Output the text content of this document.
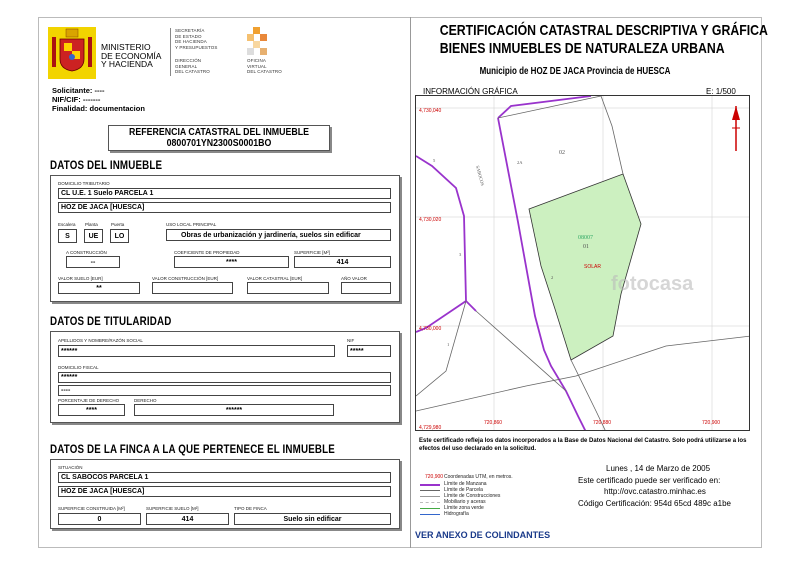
MINISTERIO
DE ECONOMÍA
Y HACIENDA
SECRETARÍA
DE ESTADO
DE HACIENDA
Y PRESUPUESTOS
DIRECCIÓN
GENERAL
DEL CATASTRO
OFICINA
VIRTUAL
DEL CATASTRO
CERTIFICACIÓN CATASTRAL DESCRIPTIVA Y GRÁFICA
BIENES INMUEBLES DE NATURALEZA URBANA
Municipio de HOZ DE JACA Provincia de HUESCA
Solicitante: ----
NIF/CIF: -------
Finalidad: documentacion
REFERENCIA CATASTRAL DEL INMUEBLE
0800701YN2300S0001BO
DATOS DEL INMUEBLE
DOMICILIO TRIBUTARIO
CL U.E. 1 Suelo PARCELA 1
HOZ DE JACA [HUESCA]
Escalera Planta	Puerta
S	UE	LO
USO LOCAL PRINCIPAL
Obras de urbanización y jardinería, suelos sin edificar
A CONSTRUCCIÓN
--
COEFICIENTE DE PROPIEDAD
****
SUPERFICIE [M²]
414
VALOR SUELO [EUR]
**
VALOR CONSTRUCCIÓN [EUR]	VALOR CATASTRAL [EUR]	AÑO VALOR
DATOS DE TITULARIDAD
APELLIDOS Y NOMBRE/RAZÓN SOCIAL
******
NIF
*****
DOMICILIO FISCAL
******
----
PORCENTAJE DE DERECHO
****
DERECHO
******
DATOS DE LA FINCA A LA QUE PERTENECE EL INMUEBLE
SITUACIÓN
CL SABOCOS PARCELA 1
HOZ DE JACA [HUESCA]
SUPERFICIE CONSTRUIDA [M²]
0
SUPERFICIE SUELO [M²]
414
TIPO DE FINCA
Suelo sin edificar
INFORMACIÓN GRÁFICA	E: 1/500
4,730,040
4,730,020
4,730,000
4,729,980
720,860	720,880	720,900
SOLAR
08007
01
02
SABOCOS
5
3
1
2A
2	fotocasa
Este certificado refleja los datos incorporados a la Base de Datos Nacional del Catastro. Solo podrá utilizarse a los efectos del uso declarado en la solicitud.
Lunes , 14 de Marzo de 2005
Este certificado puede ser verificado en:
http://ovc.catastro.minhac.es
Código Certificación: 954d 65cd 489c a1be
720,900 Coordenadas UTM, en metros.
Límite de Manzana
Límite de Parcela
Límite de Construcciones
Mobiliario y aceras
Límite zona verde
Hidrografía
VER ANEXO DE COLINDANTES
